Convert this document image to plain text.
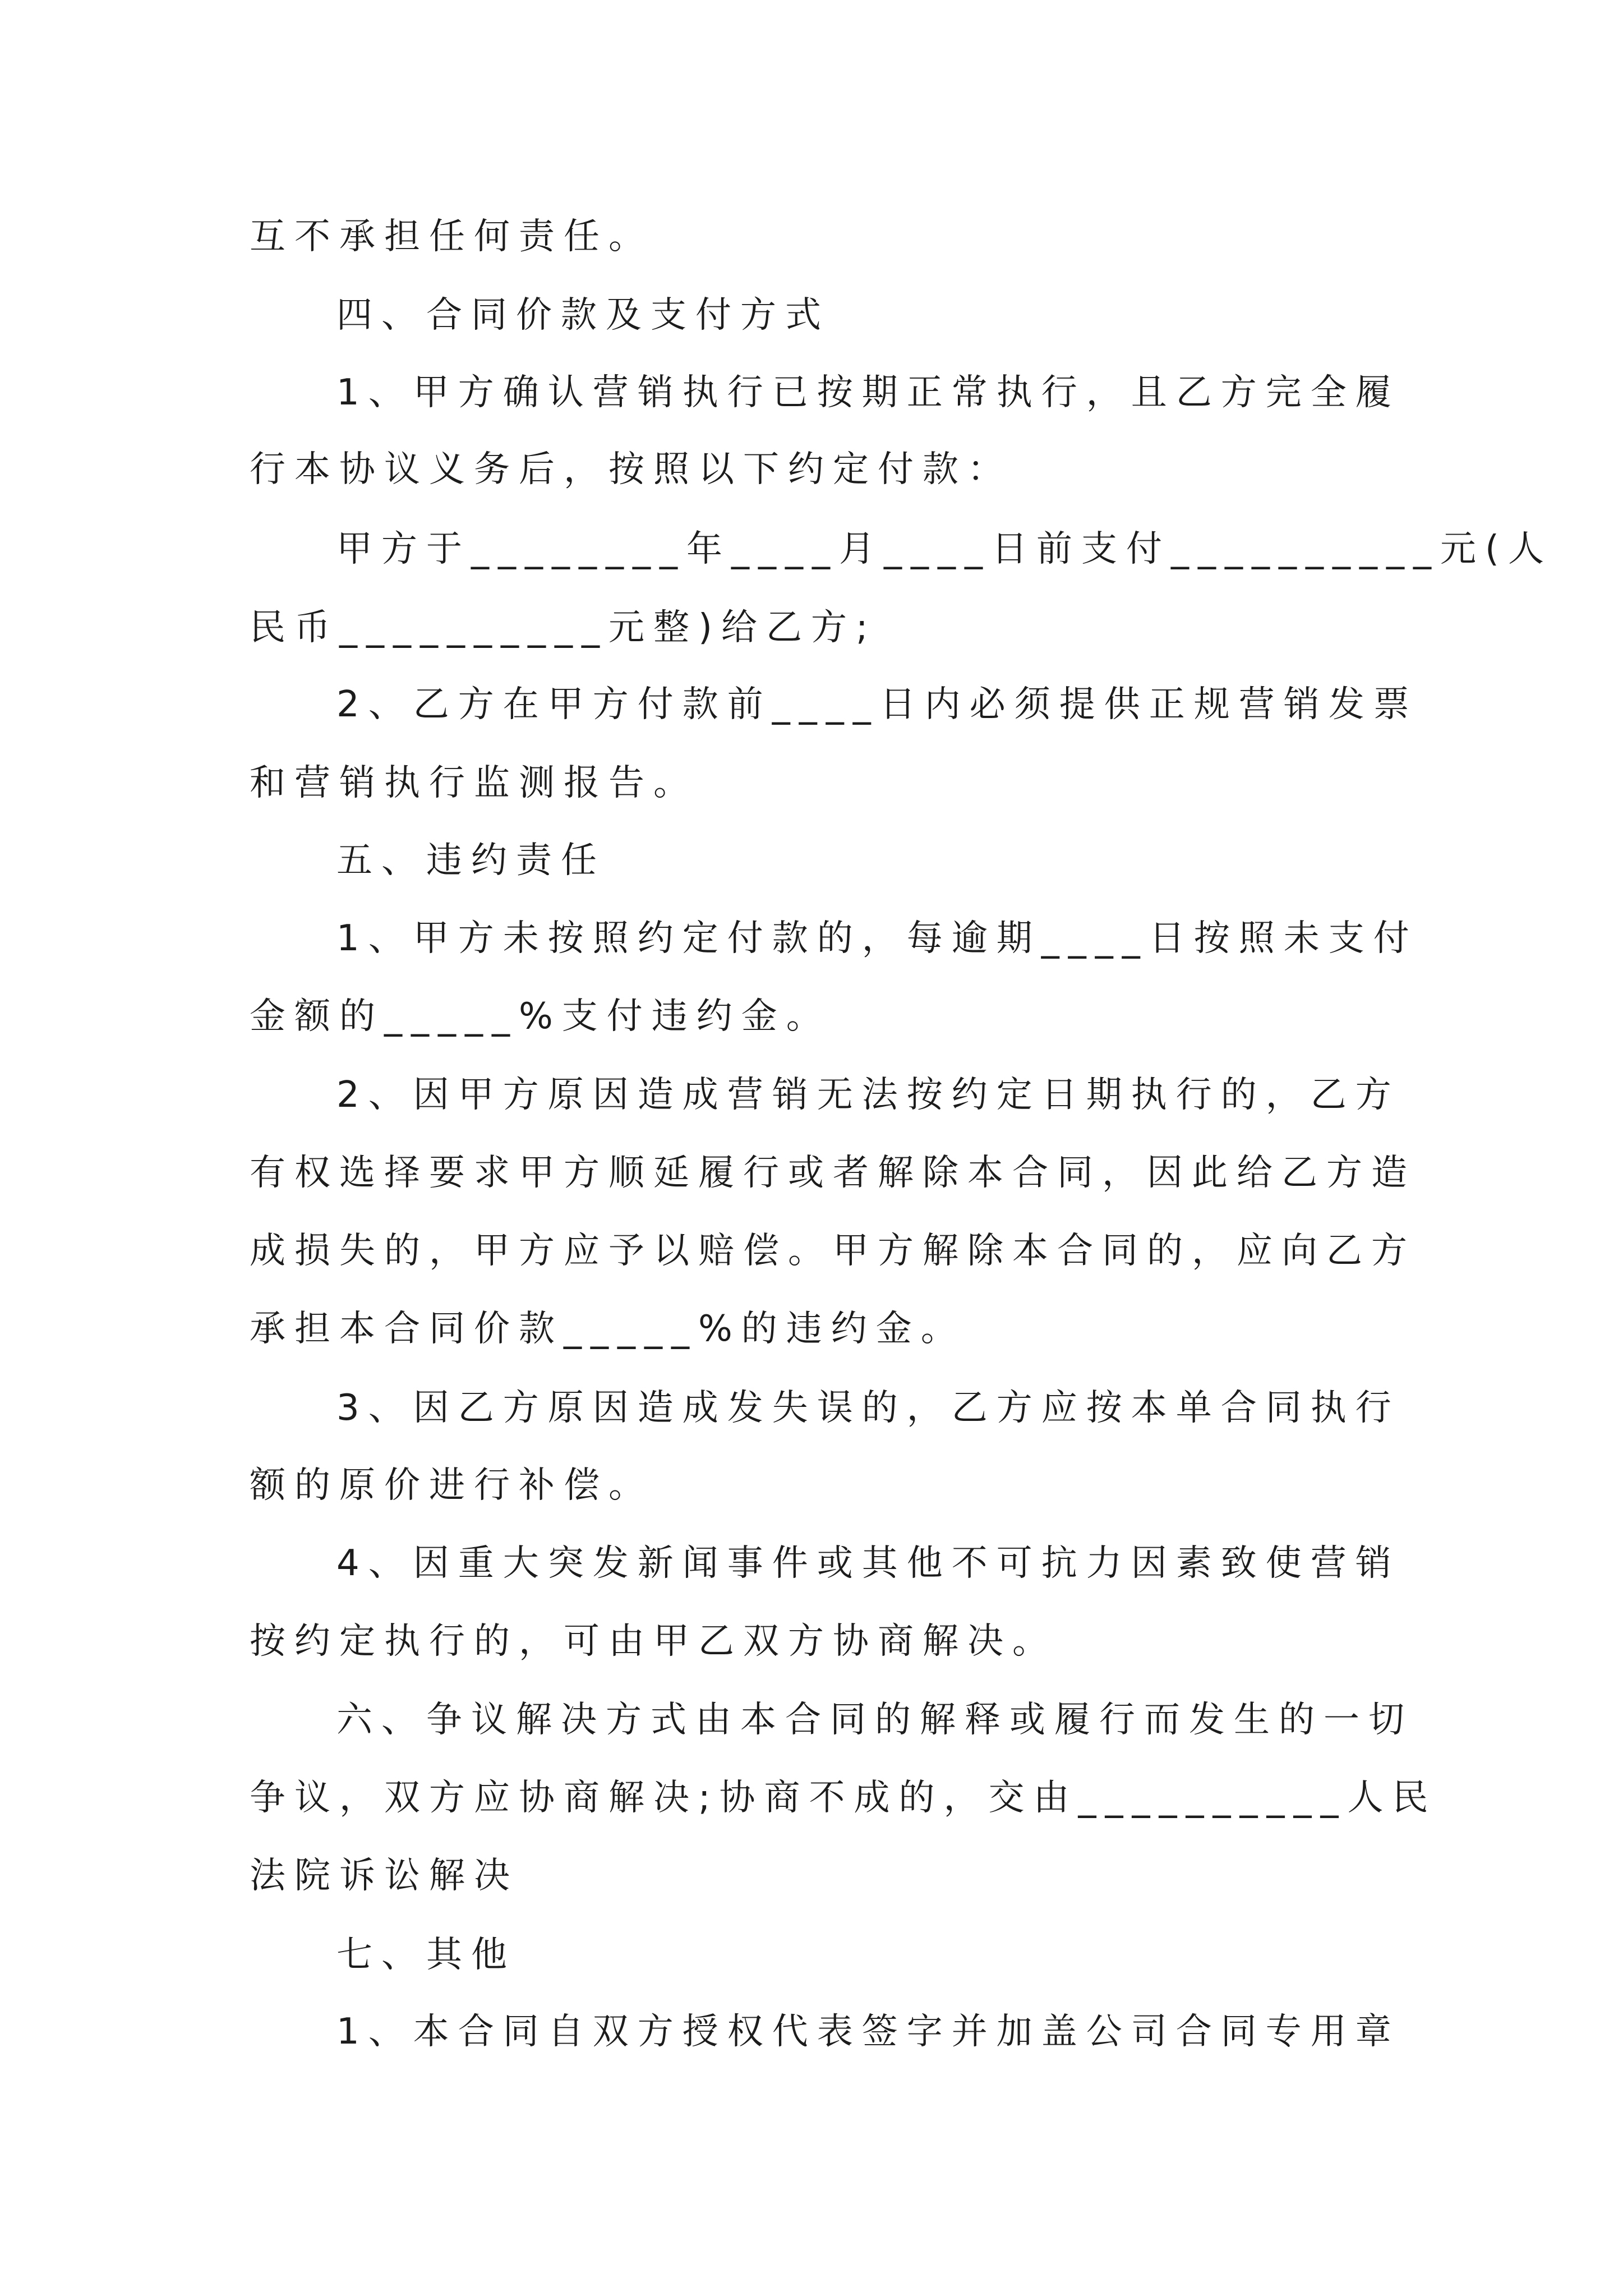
互不承担任何责任。
四、合同价款及支付方式
1、甲方确认营销执行已按期正常执行，且乙方完全履
行本协议义务后，按照以下约定付款：
甲方于________年____月____日前支付__________元(人
民币__________元整)给乙方;
2、乙方在甲方付款前____日内必须提供正规营销发票
和营销执行监测报告。
五、违约责任
1、甲方未按照约定付款的，每逾期____日按照未支付
金额的_____%支付违约金。
2、因甲方原因造成营销无法按约定日期执行的，乙方
有权选择要求甲方顺延履行或者解除本合同，因此给乙方造
成损失的，甲方应予以赔偿。甲方解除本合同的，应向乙方
承担本合同价款_____%的违约金。
3、因乙方原因造成发失误的，乙方应按本单合同执行
额的原价进行补偿。
4、因重大突发新闻事件或其他不可抗力因素致使营销
按约定执行的，可由甲乙双方协商解决。
六、争议解决方式由本合同的解释或履行而发生的一切
争议，双方应协商解决;协商不成的，交由__________人民
法院诉讼解决
七、其他
1、本合同自双方授权代表签字并加盖公司合同专用章
